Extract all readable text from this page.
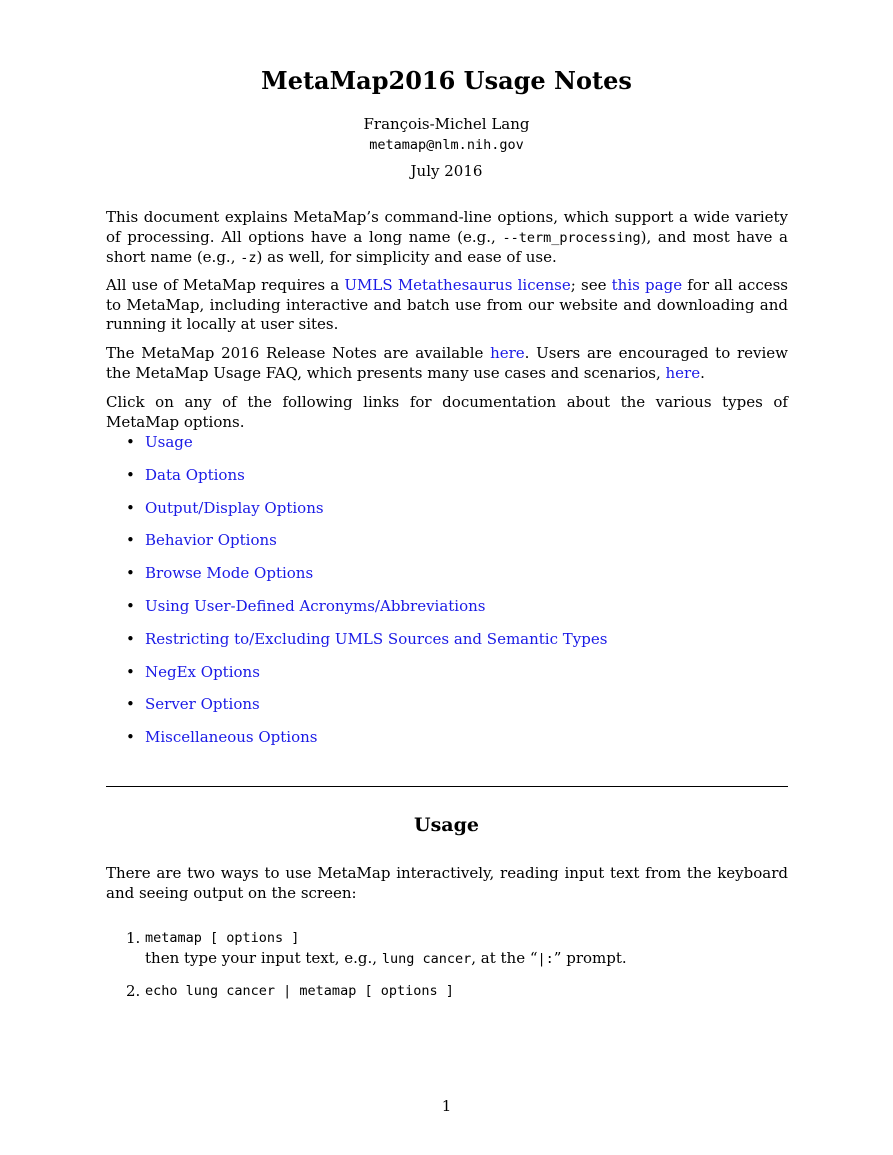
MetaMap2016 Usage Notes
François-Michel Lang
metamap@nlm.nih.gov
July 2016
This document explains MetaMap’s command-line options, which support a wide variety of processing. All options have a long name (e.g., --term_processing), and most have a short name (e.g., -z) as well, for simplicity and ease of use.
All use of MetaMap requires a UMLS Metathesaurus license; see this page for all access to MetaMap, including interactive and batch use from our website and downloading and running it locally at user sites.
The MetaMap 2016 Release Notes are available here. Users are encouraged to review the MetaMap Usage FAQ, which presents many use cases and scenarios, here.
Click on any of the following links for documentation about the various types of MetaMap options.
• Usage
• Data Options
• Output/Display Options
• Behavior Options
• Browse Mode Options
• Using User-Defined Acronyms/Abbreviations
• Restricting to/Excluding UMLS Sources and Semantic Types
• NegEx Options
• Server Options
• Miscellaneous Options
Usage
There are two ways to use MetaMap interactively, reading input text from the keyboard and seeing output on the screen:
1. metamap [ options ]
then type your input text, e.g., lung cancer, at the “|:” prompt.
2. echo lung cancer | metamap [ options ]
1
